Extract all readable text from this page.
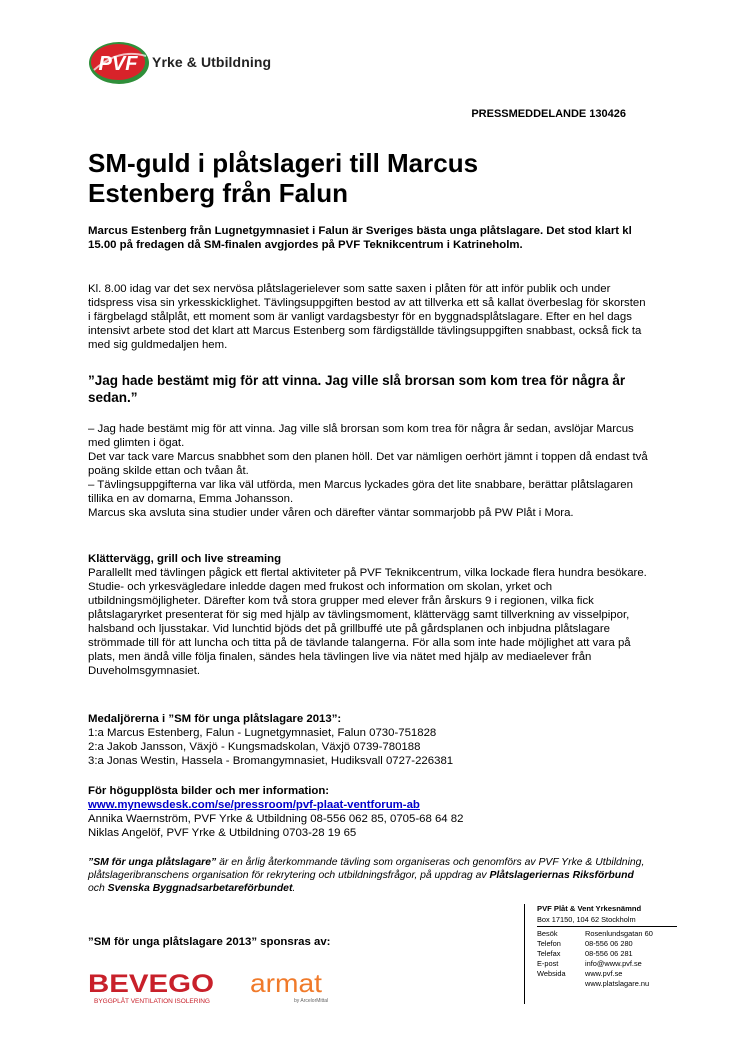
PVF Yrke & Utbildning
PRESSMEDDELANDE 130426
SM-guld i plåtslageri till Marcus
Estenberg från Falun
Marcus Estenberg från Lugnetgymnasiet i Falun är Sveriges bästa unga plåtslagare. Det stod klart kl 15.00 på fredagen då SM-finalen avgjordes på PVF Teknikcentrum i Katrineholm.
Kl. 8.00 idag var det sex nervösa plåtslagerielever som satte saxen i plåten för att inför publik och under tidspress visa sin yrkesskicklighet. Tävlingsuppgiften bestod av att tillverka ett så kallat överbeslag för skorsten i färgbelagd stålplåt, ett moment som är vanligt vardagsbestyr för en byggnadsplåtslagare. Efter en hel dags intensivt arbete stod det klart att Marcus Estenberg som färdigställde tävlingsuppgiften snabbast, också fick ta med sig guldmedaljen hem.
”Jag hade bestämt mig för att vinna. Jag ville slå brorsan som kom trea för några år sedan.”
– Jag hade bestämt mig för att vinna. Jag ville slå brorsan som kom trea för några år sedan, avslöjar Marcus med glimten i ögat.
Det var tack vare Marcus snabbhet som den planen höll. Det var nämligen oerhört jämnt i toppen då endast två poäng skilde ettan och tvåan åt.
– Tävlingsuppgifterna var lika väl utförda, men Marcus lyckades göra det lite snabbare, berättar plåtslagaren tillika en av domarna, Emma Johansson.
Marcus ska avsluta sina studier under våren och därefter väntar sommarjobb på PW Plåt i Mora.
Klättervägg, grill och live streaming
Parallellt med tävlingen pågick ett flertal aktiviteter på PVF Teknikcentrum, vilka lockade flera hundra besökare. Studie- och yrkesvägledare inledde dagen med frukost och information om skolan, yrket och utbildningsmöjligheter. Därefter kom två stora grupper med elever från årskurs 9 i regionen, vilka fick plåtslagaryrket presenterat för sig med hjälp av tävlingsmoment, klättervägg samt tillverkning av visselpipor, halsband och ljusstakar. Vid lunchtid bjöds det på grillbuffé ute på gårdsplanen och inbjudna plåtslagare strömmade till för att luncha och titta på de tävlande talangerna. För alla som inte hade möjlighet att vara på plats, men ändå ville följa finalen, sändes hela tävlingen live via nätet med hjälp av mediaelever från Duveholmsgymnasiet.
Medaljörerna i ”SM för unga plåtslagare 2013”:
1:a Marcus Estenberg, Falun - Lugnetgymnasiet, Falun 0730-751828
2:a Jakob Jansson, Växjö - Kungsmadskolan, Växjö 0739-780188
3:a Jonas Westin, Hassela - Bromangymnasiet, Hudiksvall 0727-226381
För högupplösta bilder och mer information:
www.mynewsdesk.com/se/pressroom/pvf-plaat-ventforum-ab
Annika Waernström, PVF Yrke & Utbildning 08-556 062 85, 0705-68 64 82
Niklas Angelöf, PVF Yrke & Utbildning 0703-28 19 65
”SM för unga plåtslagare” är en årlig återkommande tävling som organiseras och genomförs av PVF Yrke & Utbildning, plåtslageribranschens organisation för rekrytering och utbildningsfrågor, på uppdrag av Plåtslageriernas Riksförbund och Svenska Byggnadsarbetareförbundet.
”SM för unga plåtslagare 2013” sponsras av:
BEVEGO
BYGGPLÅT VENTILATION ISOLERING
armat
by ArcelorMittal
PVF Plåt & Vent Yrkesnämnd
Box 17150, 104 62 Stockholm
Besök	Rosenlundsgatan 60
Telefon	08-556 06 280
Telefax	08-556 06 281
E-post	info@www.pvf.se
Websida	www.pvf.se
www.platslagare.nu
